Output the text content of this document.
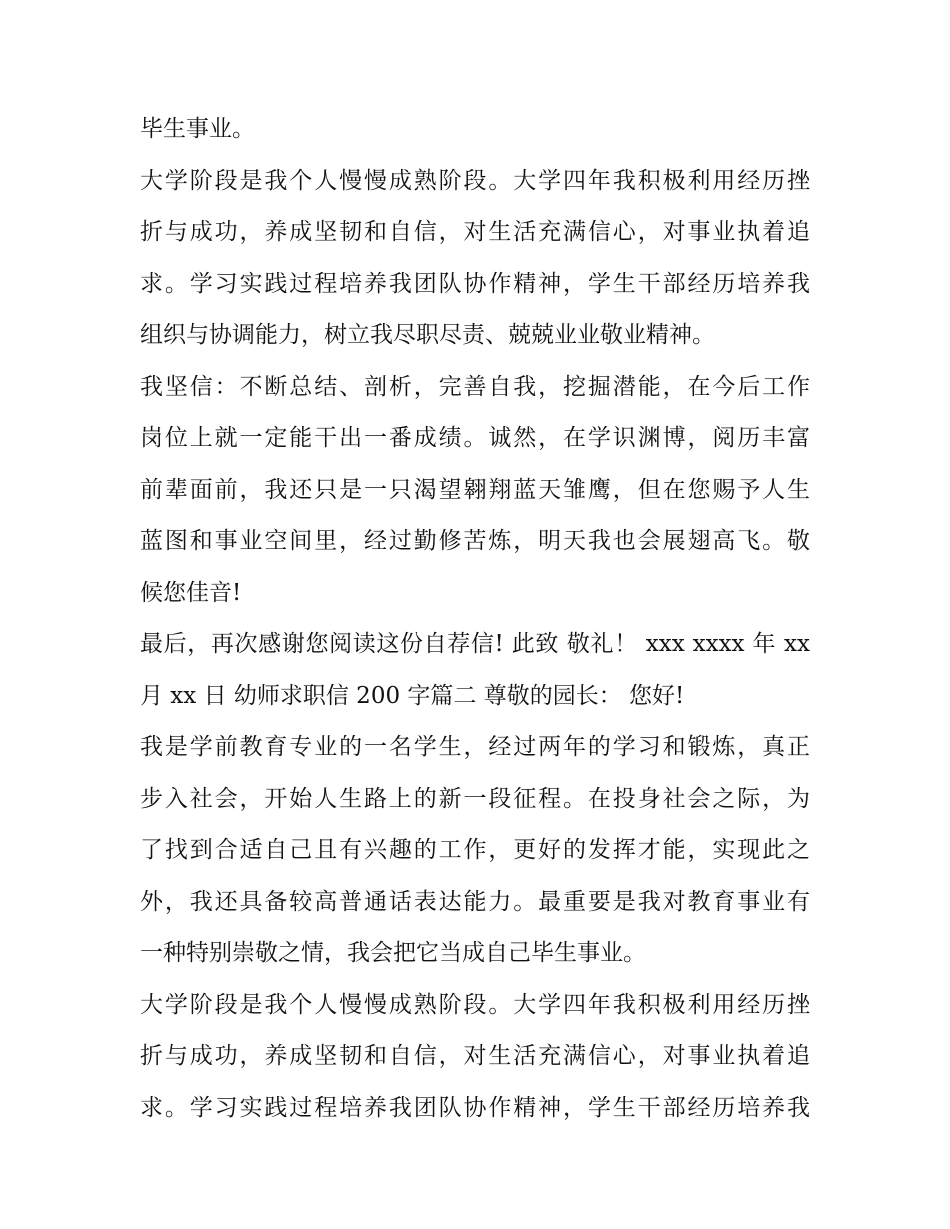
毕生事业。
大学阶段是我个人慢慢成熟阶段。大学四年我积极利用经历挫
折与成功，养成坚韧和自信，对生活充满信心，对事业执着追
求。学习实践过程培养我团队协作精神，学生干部经历培养我
组织与协调能力，树立我尽职尽责、兢兢业业敬业精神。
我坚信：不断总结、剖析，完善自我，挖掘潜能，在今后工作
岗位上就一定能干出一番成绩。诚然，在学识渊博，阅历丰富
前辈面前，我还只是一只渴望翱翔蓝天雏鹰，但在您赐予人生
蓝图和事业空间里，经过勤修苦炼，明天我也会展翅高飞。敬
候您佳音!
最后，再次感谢您阅读这份自荐信! 此致 敬礼！ xxx xxxx 年 xx
月 xx 日 幼师求职信 200 字篇二 尊敬的园长： 您好!
我是学前教育专业的一名学生，经过两年的学习和锻炼，真正
步入社会，开始人生路上的新一段征程。在投身社会之际，为
了找到合适自己且有兴趣的工作，更好的发挥才能，实现此之
外，我还具备较高普通话表达能力。最重要是我对教育事业有
一种特别崇敬之情，我会把它当成自己毕生事业。
大学阶段是我个人慢慢成熟阶段。大学四年我积极利用经历挫
折与成功，养成坚韧和自信，对生活充满信心，对事业执着追
求。学习实践过程培养我团队协作精神，学生干部经历培养我
